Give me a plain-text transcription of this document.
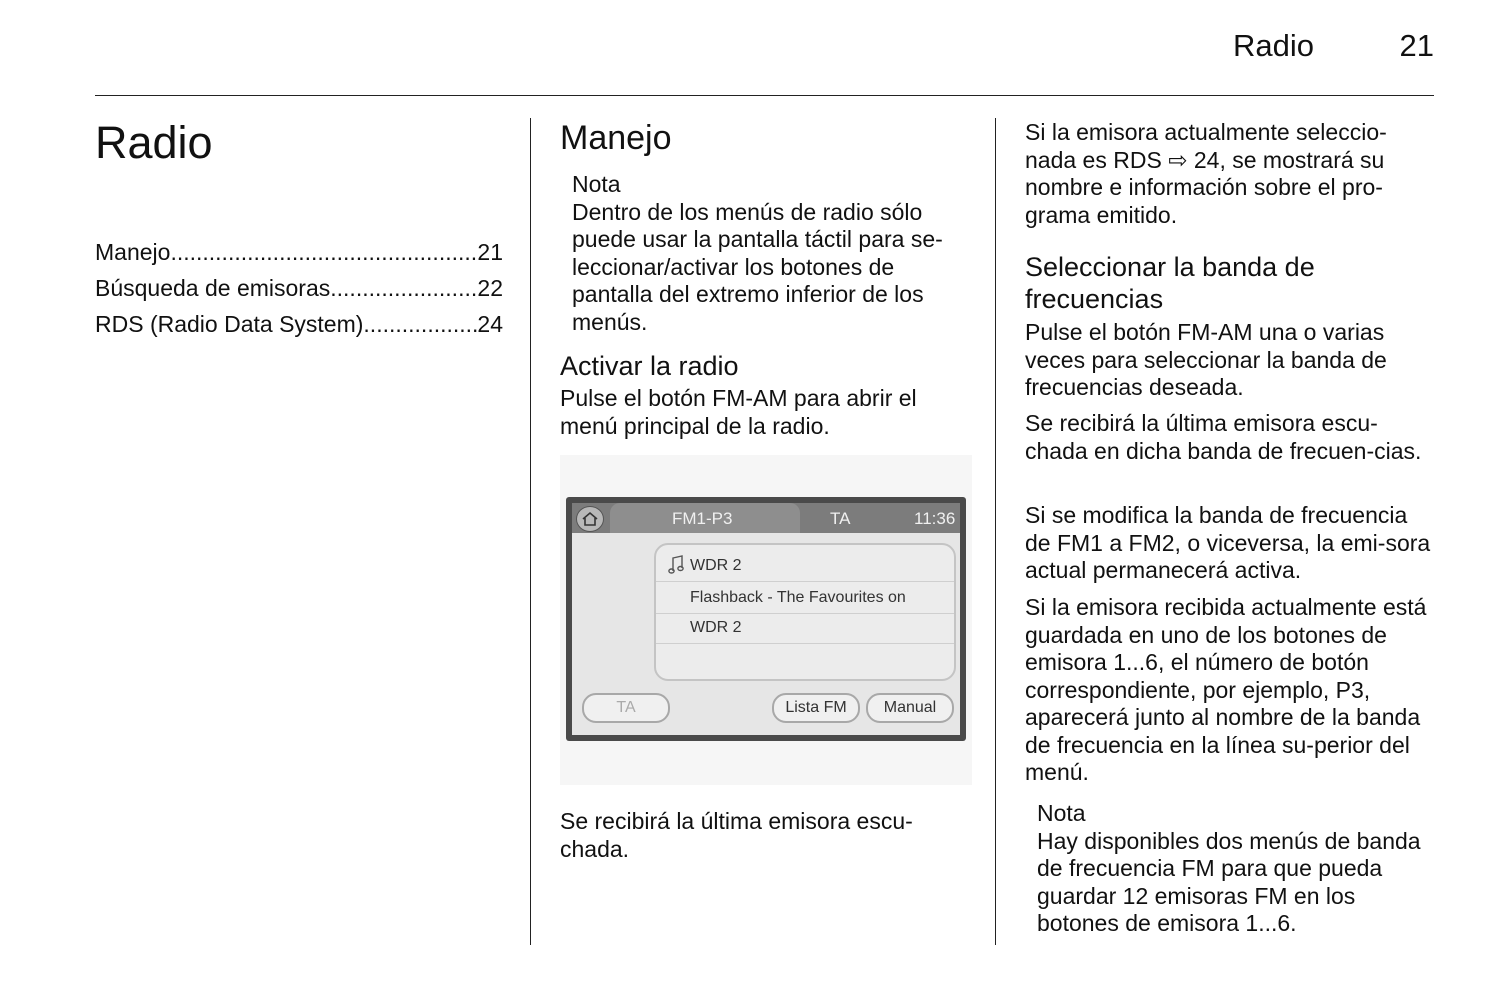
Radio	21
Radio
Manejo .....	21
Búsqueda de emisoras .....	22
RDS (Radio Data System) .....	24
Manejo
Nota

Dentro de los menús de radio sólo puede usar la pantalla táctil para se-leccionar/activar los botones de pantalla del extremo inferior de los menús.

Activar la radio

Pulse el botón FM-AM para abrir el menú principal de la radio.

FM1-P3	TA	11:36
WDR 2
Flashback - The Favourites on
WDR 2
TA	Lista FM	Manual

Se recibirá la última emisora escu-chada.

Si la emisora actualmente seleccio-nada es RDS ⇨ 24, se mostrará su nombre e información sobre el pro-grama emitido.

Seleccionar la banda de frecuencias

Pulse el botón FM-AM una o varias veces para seleccionar la banda de frecuencias deseada.

Se recibirá la última emisora escu-chada en dicha banda de frecuen-cias.

Si se modifica la banda de frecuencia de FM1 a FM2, o viceversa, la emi-sora actual permanecerá activa.

Si la emisora recibida actualmente está guardada en uno de los botones de emisora 1...6, el número de botón correspondiente, por ejemplo, P3, aparecerá junto al nombre de la banda de frecuencia en la línea su-perior del menú.

Nota

Hay disponibles dos menús de banda de frecuencia FM para que pueda guardar 12 emisoras FM en los botones de emisora 1...6.
